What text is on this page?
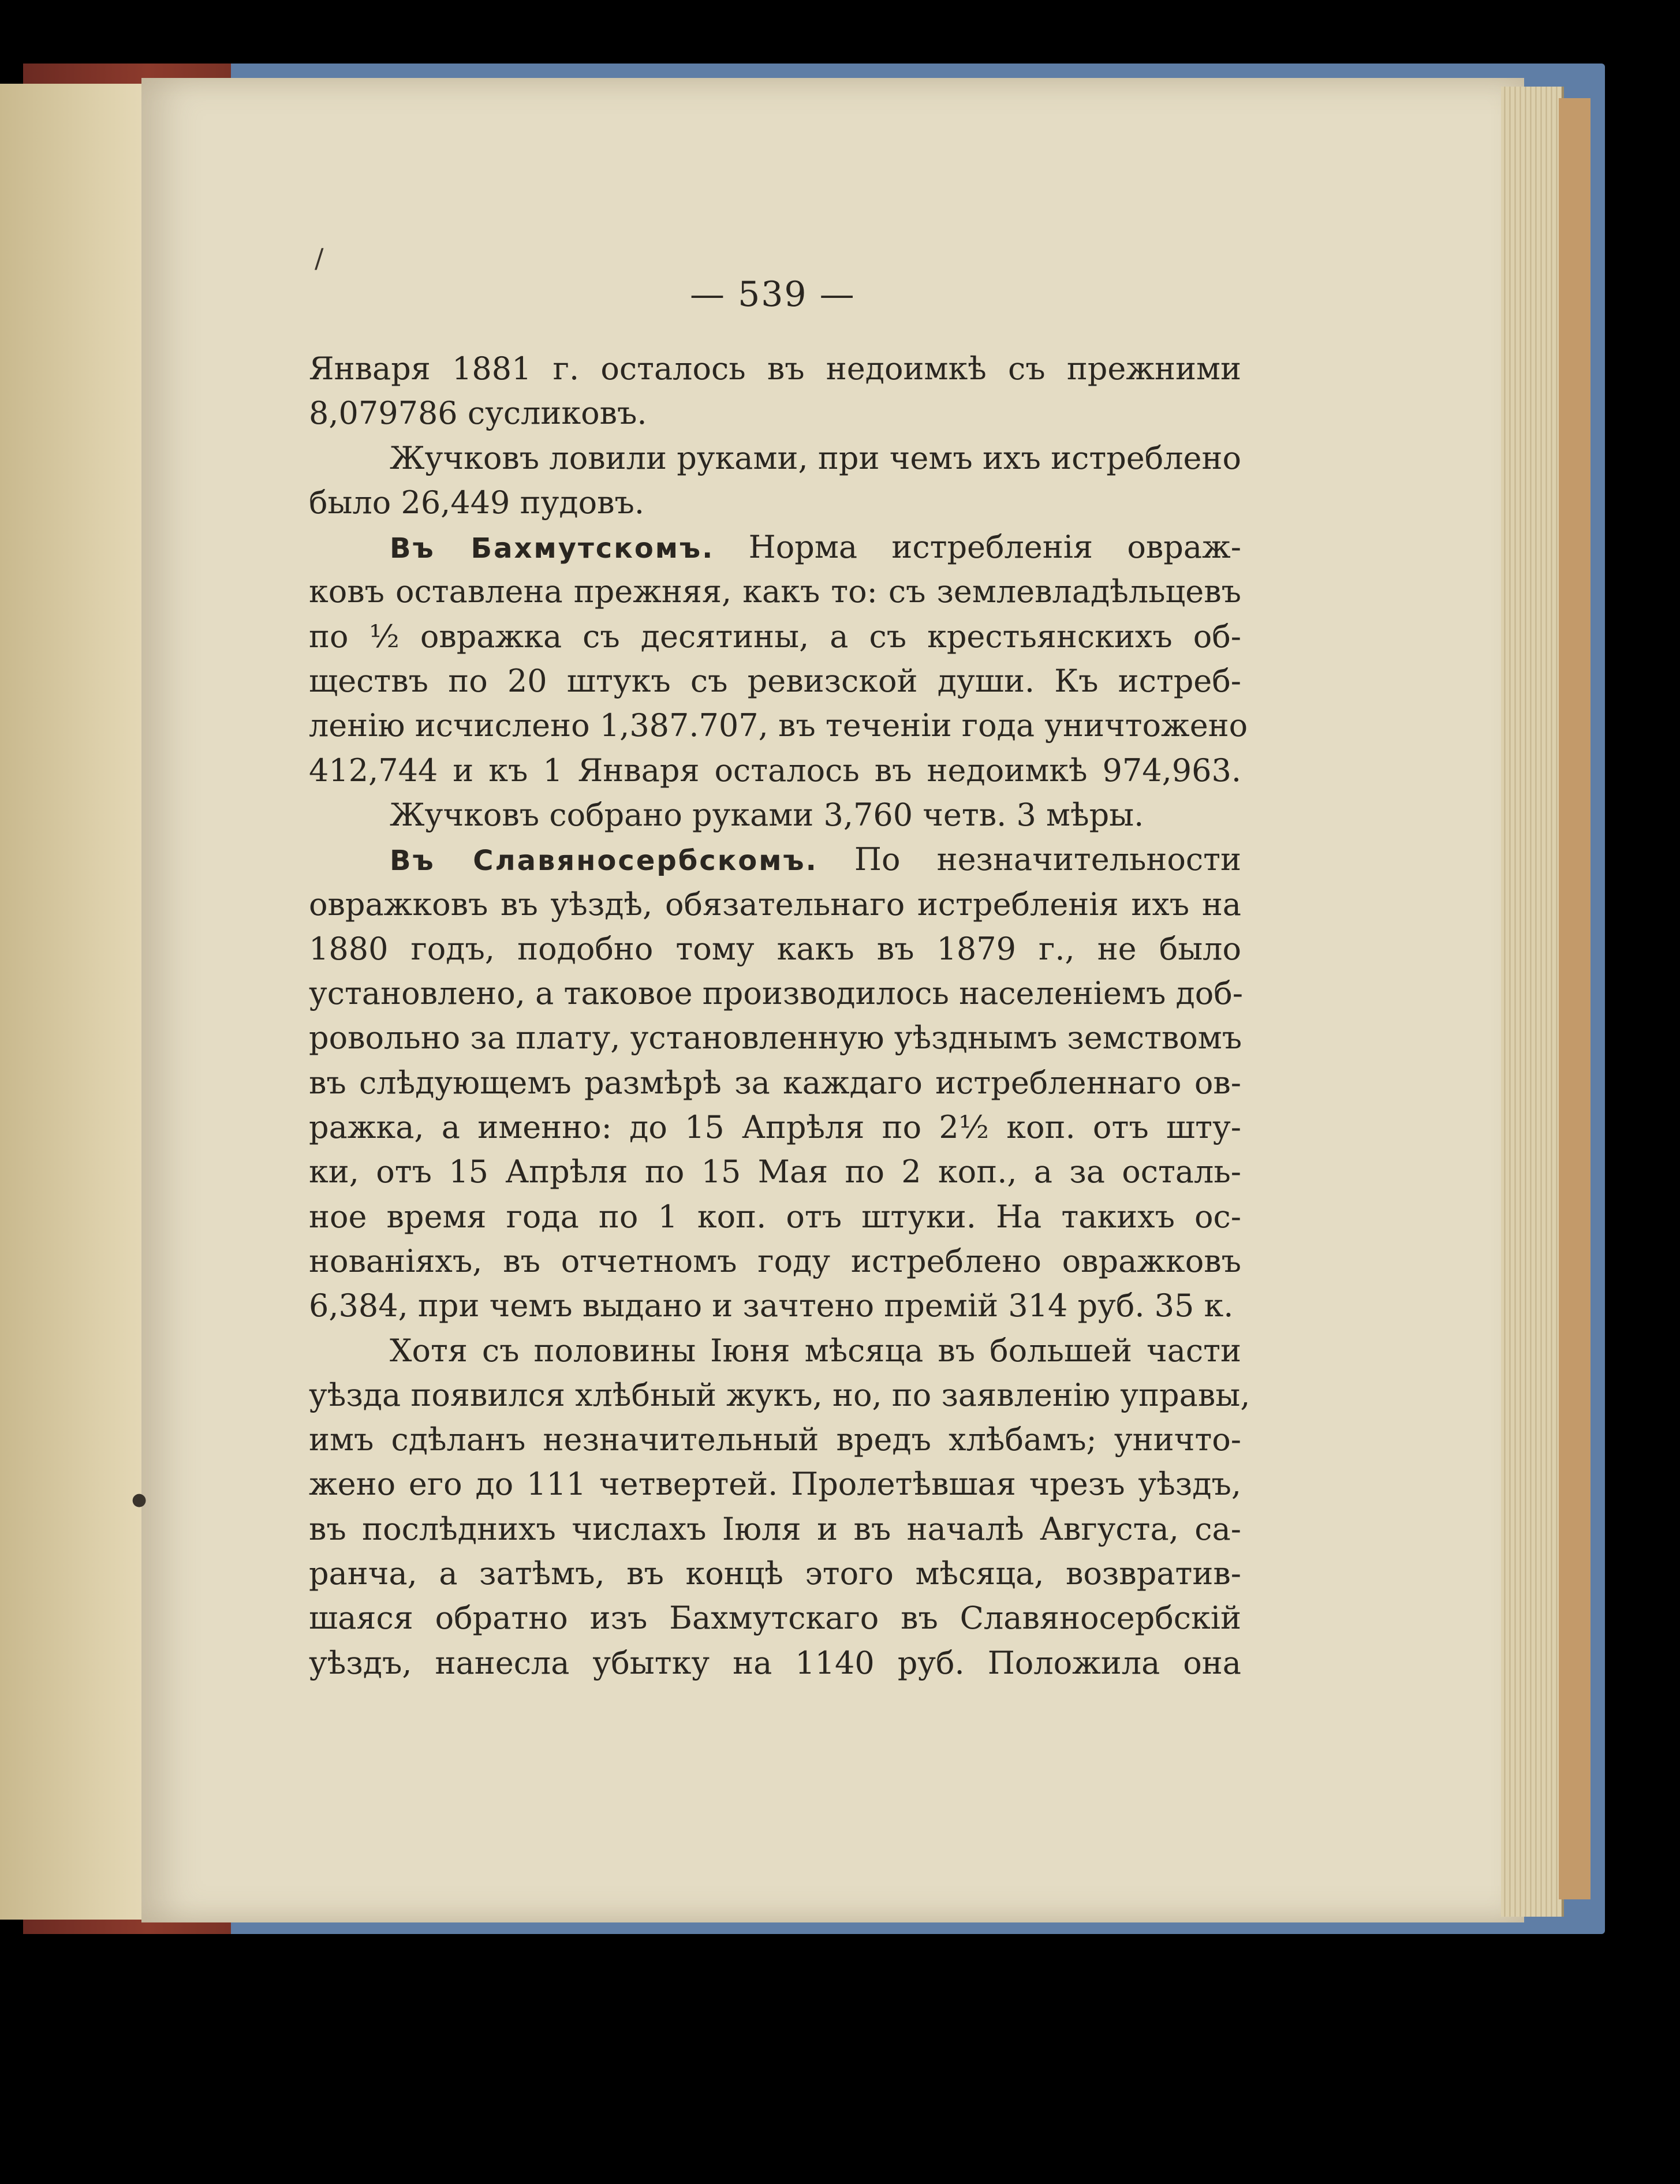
/
●
— 539 —
Января 1881 г. осталось въ недоимкѣ съ прежними
8,079786 сусликовъ.
Жучковъ ловили руками, при чемъ ихъ истреблено
было 26,449 пудовъ.
Въ Бахмутскомъ. Норма истребленія овраж-
ковъ оставлена прежняя, какъ то: съ землевладѣльцевъ
по ½ овражка съ десятины, а съ крестьянскихъ об-
ществъ по 20 штукъ съ ревизской души. Къ истреб-
ленію исчислено 1,387.707, въ теченіи года уничтожено
412,744 и къ 1 Января осталось въ недоимкѣ 974,963.
Жучковъ собрано руками 3,760 четв. 3 мѣры.
Въ Славяносербскомъ. По незначительности
овражковъ въ уѣздѣ, обязательнаго истребленія ихъ на
1880 годъ, подобно тому какъ въ 1879 г., не было
установлено, а таковое производилось населеніемъ доб-
ровольно за плату, установленную уѣзднымъ земствомъ
въ слѣдующемъ размѣрѣ за каждаго истребленнаго ов-
ражка, а именно: до 15 Апрѣля по 2½ коп. отъ шту-
ки, отъ 15 Апрѣля по 15 Мая по 2 коп., а за осталь-
ное время года по 1 коп. отъ штуки. На такихъ ос-
нованіяхъ, въ отчетномъ году истреблено овражковъ
6,384, при чемъ выдано и зачтено премій 314 руб. 35 к.
Хотя съ половины Іюня мѣсяца въ большей части
уѣзда появился хлѣбный жукъ, но, по заявленію управы,
имъ сдѣланъ незначительный вредъ хлѣбамъ; уничто-
жено его до 111 четвертей. Пролетѣвшая чрезъ уѣздъ,
въ послѣднихъ числахъ Іюля и въ началѣ Августа, са-
ранча, а затѣмъ, въ концѣ этого мѣсяца, возвратив-
шаяся обратно изъ Бахмутскаго въ Славяносербскій
уѣздъ, нанесла убытку на 1140 руб. Положила она
